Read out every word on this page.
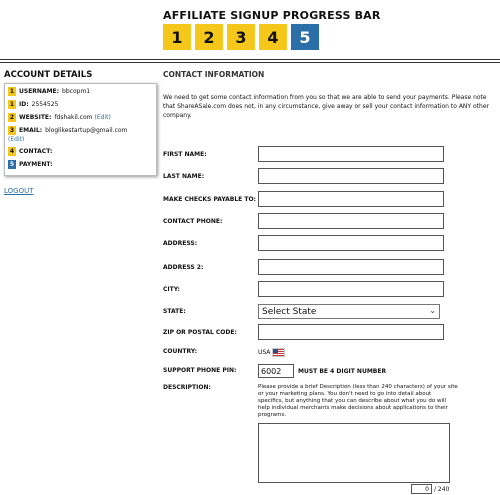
AFFILIATE SIGNUP PROGRESS BAR
1	2	3	4	5
ACCOUNT DETAILS
1 USERNAME: bbcopm1
1 ID: 2554525
2 WEBSITE: fdshakil.com (Edit)
3 EMAIL: bloglikestartup@gmail.com
(Edit)
4 CONTACT:
5 PAYMENT:
LOGOUT
CONTACT INFORMATION
We need to get some contact information from you so that we are able to send your payments. Please note that ShareASale.com does not, in any circumstance, give away or sell your contact information to ANY other company.
FIRST NAME:
LAST NAME:
MAKE CHECKS PAYABLE TO:
CONTACT PHONE:
ADDRESS:
ADDRESS 2:
CITY:
STATE:	Select State	⌄
ZIP OR POSTAL CODE:
COUNTRY:	USA
SUPPORT PHONE PIN:	6002	MUST BE 4 DIGIT NUMBER
DESCRIPTION:	Please provide a brief Description (less than 240 characters) of your site or your marketing plans. You don't need to go into detail about specifics, but anything that you can describe about what you do will help individual merchants make decisions about applications to their programs.
0 / 240
